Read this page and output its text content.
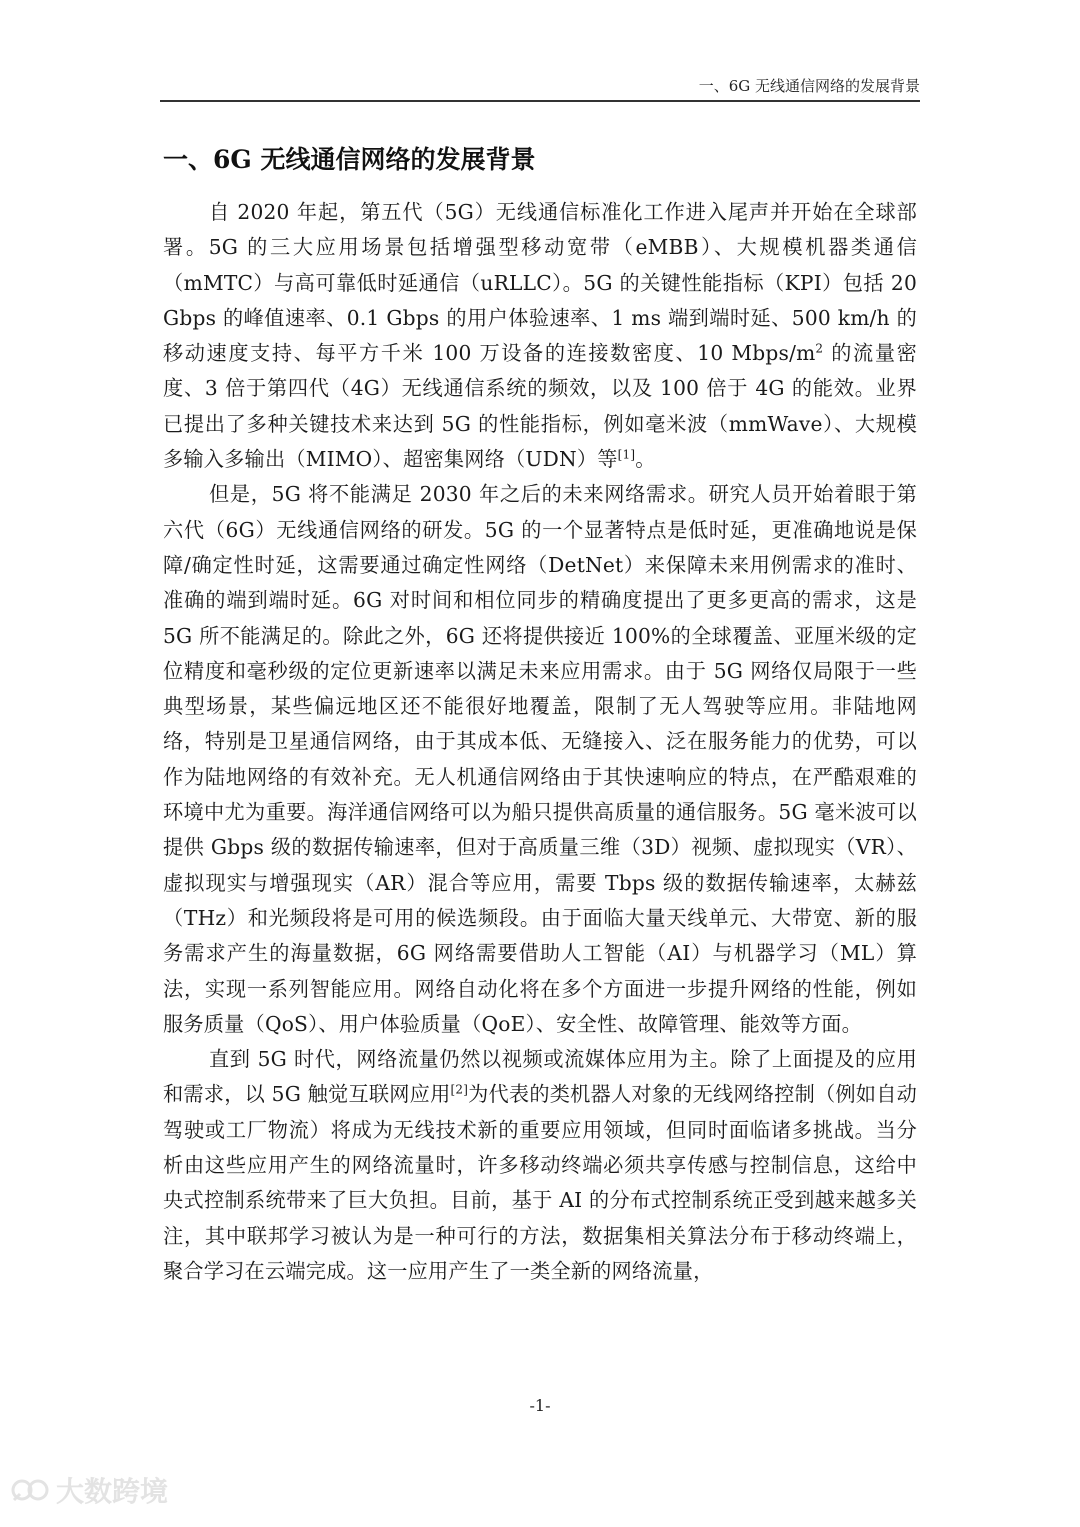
一、6G 无线通信网络的发展背景
一、6G 无线通信网络的发展背景

自 2020 年起，第五代（5G）无线通信标准化工作进入尾声并开始在全球部署。5G 的三大应用场景包括增强型移动宽带（eMBB）、大规模机器类通信（mMTC）与高可靠低时延通信（uRLLC）。5G 的关键性能指标（KPI）包括 20 Gbps 的峰值速率、0.1 Gbps 的用户体验速率、1 ms 端到端时延、500 km/h 的移动速度支持、每平方千米 100 万设备的连接数密度、10 Mbps/$m^2$ 的流量密度、3 倍于第四代（4G）无线通信系统的频效，以及 100 倍于 4G 的能效。业界已提出了多种关键技术来达到 5G 的性能指标，例如毫米波（mmWave）、大规模多输入多输出（MIMO）、超密集网络（UDN）等[1]。

但是，5G 将不能满足 2030 年之后的未来网络需求。研究人员开始着眼于第六代（6G）无线通信网络的研发。5G 的一个显著特点是低时延，更准确地说是保障/确定性时延，这需要通过确定性网络（DetNet）来保障未来用例需求的准时、准确的端到端时延。6G 对时间和相位同步的精确度提出了更多更高的需求，这是 5G 所不能满足的。除此之外，6G 还将提供接近 100%的全球覆盖、亚厘米级的定位精度和毫秒级的定位更新速率以满足未来应用需求。由于 5G 网络仅局限于一些典型场景，某些偏远地区还不能很好地覆盖，限制了无人驾驶等应用。非陆地网络，特别是卫星通信网络，由于其成本低、无缝接入、泛在服务能力的优势，可以作为陆地网络的有效补充。无人机通信网络由于其快速响应的特点，在严酷艰难的环境中尤为重要。海洋通信网络可以为船只提供高质量的通信服务。5G 毫米波可以提供 Gbps 级的数据传输速率，但对于高质量三维（3D）视频、虚拟现实（VR）、虚拟现实与增强现实（AR）混合等应用，需要 Tbps 级的数据传输速率，太赫兹（THz）和光频段将是可用的候选频段。由于面临大量天线单元、大带宽、新的服务需求产生的海量数据，6G 网络需要借助人工智能（AI）与机器学习（ML）算法，实现一系列智能应用。网络自动化将在多个方面进一步提升网络的性能，例如服务质量（QoS）、用户体验质量（QoE）、安全性、故障管理、能效等方面。

直到 5G 时代，网络流量仍然以视频或流媒体应用为主。除了上面提及的应用和需求，以 5G 触觉互联网应用[2]为代表的类机器人对象的无线网络控制（例如自动驾驶或工厂物流）将成为无线技术新的重要应用领域，但同时面临诸多挑战。当分析由这些应用产生的网络流量时，许多移动终端必须共享传感与控制信息，这给中央式控制系统带来了巨大负担。目前，基于 AI 的分布式控制系统正受到越来越多关注，其中联邦学习被认为是一种可行的方法，数据集相关算法分布于移动终端上，聚合学习在云端完成。这一应用产生了一类全新的网络流量，

-1-
大数跨境
